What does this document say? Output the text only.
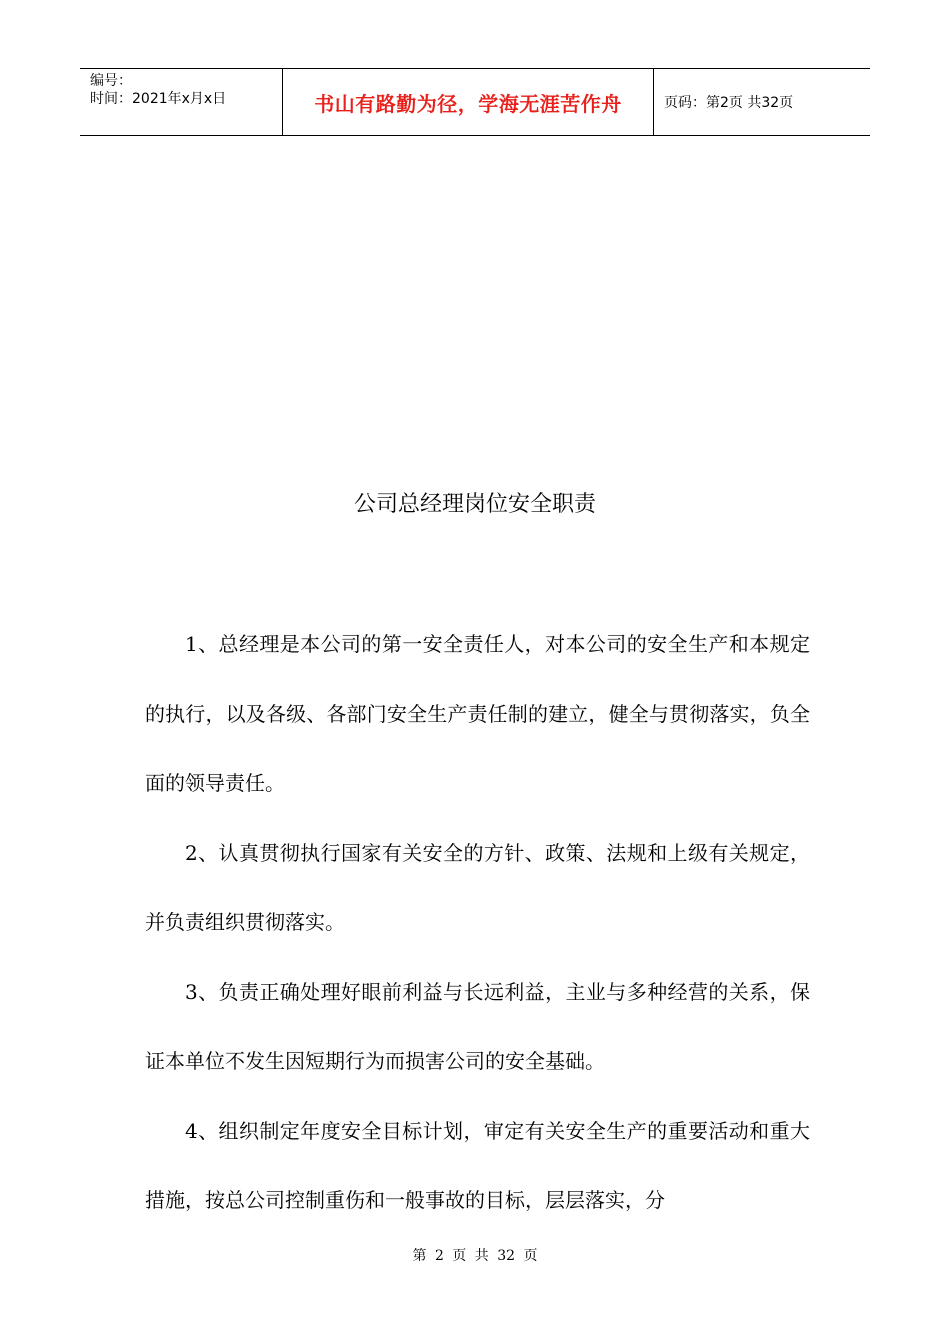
编号：
时间：2021年x月x日	书山有路勤为径，学海无涯苦作舟	页码：第2页 共32页
公司总经理岗位安全职责

1、总经理是本公司的第一安全责任人，对本公司的安全生产和本规定的执行，以及各级、各部门安全生产责任制的建立，健全与贯彻落实，负全面的领导责任。

2、认真贯彻执行国家有关安全的方针、政策、法规和上级有关规定，并负责组织贯彻落实。

3、负责正确处理好眼前利益与长远利益，主业与多种经营的关系，保证本单位不发生因短期行为而损害公司的安全基础。

4、组织制定年度安全目标计划，审定有关安全生产的重要活动和重大措施，按总公司控制重伤和一般事故的目标，层层落实，分

第 2 页 共 32 页
